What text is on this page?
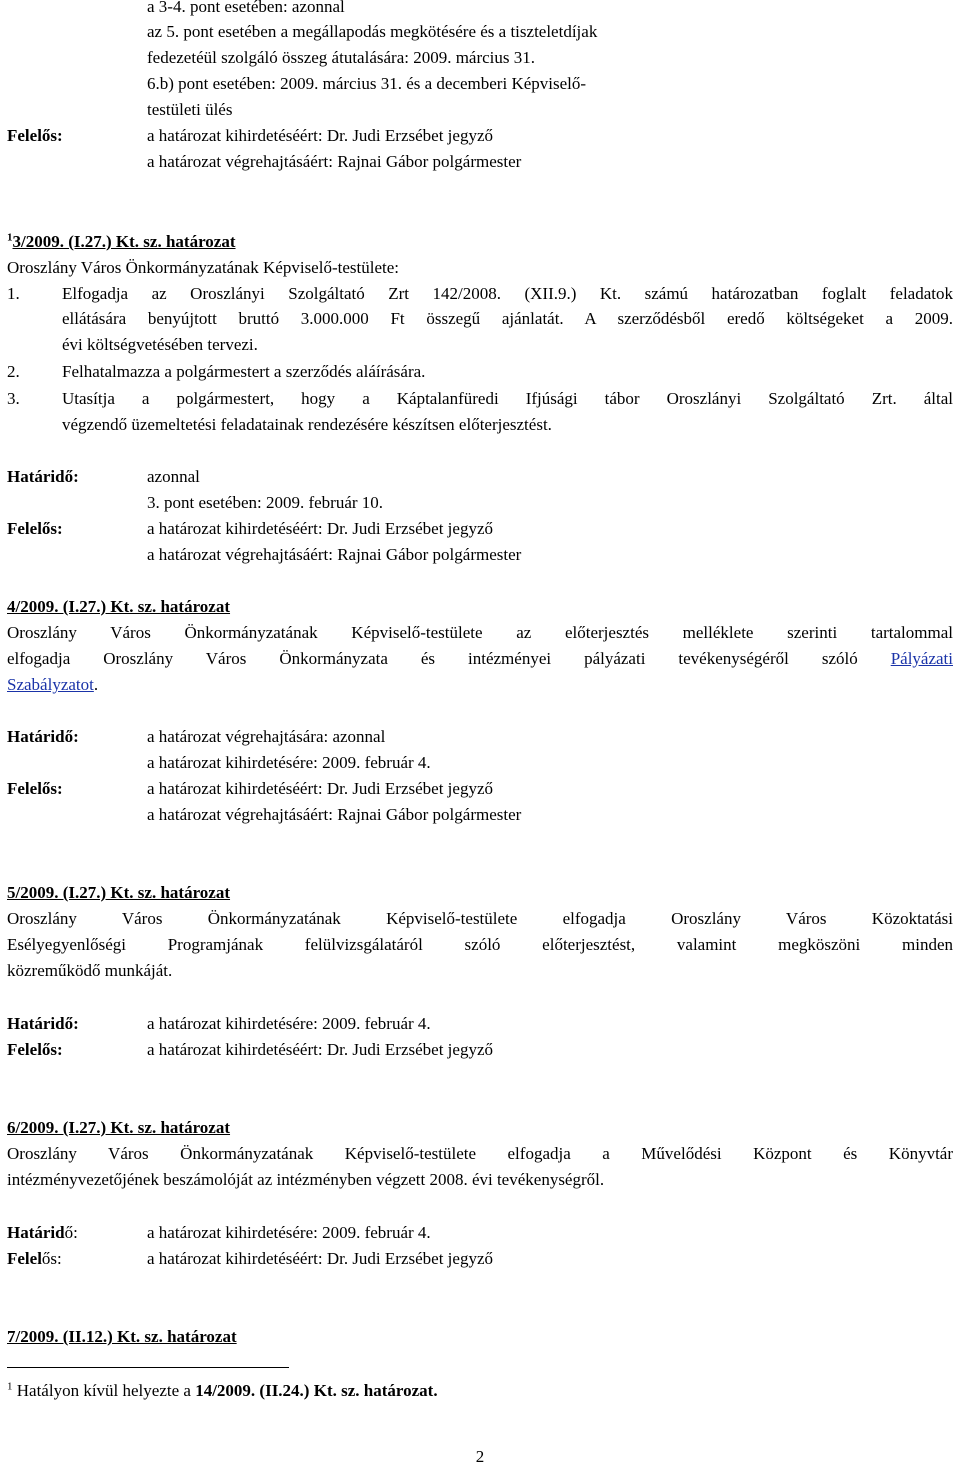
a 3-4. pont esetében: azonnal
az 5. pont esetében a megállapodás megkötésére és a tiszteletdíjak
fedezetéül szolgáló összeg átutalására: 2009. március 31.
6.b) pont esetében: 2009. március 31. és a decemberi Képviselő-
testületi ülés
Felelős:	a határozat kihirdetéséért: Dr. Judi Erzsébet jegyző
a határozat végrehajtásáért: Rajnai Gábor polgármester
$^1$3/2009. (I.27.) Kt. sz. határozat
Oroszlány Város Önkormányzatának Képviselő-testülete:
1. Elfogadja az Oroszlányi Szolgáltató Zrt 142/2008. (XII.9.) Kt. számú határozatban foglalt feladatok
ellátására benyújtott bruttó 3.000.000 Ft összegű ajánlatát. A szerződésből eredő költségeket a 2009.
évi költségvetésében tervezi.
2. Felhatalmazza a polgármestert a szerződés aláírására.
3. Utasítja a polgármestert, hogy a Káptalanfüredi Ifjúsági tábor Oroszlányi Szolgáltató Zrt. által
végzendő üzemeltetési feladatainak rendezésére készítsen előterjesztést.
Határidő:	azonnal
3. pont esetében: 2009. február 10.
Felelős:	a határozat kihirdetéséért: Dr. Judi Erzsébet jegyző
a határozat végrehajtásáért: Rajnai Gábor polgármester
4/2009. (I.27.) Kt. sz. határozat
Oroszlány Város Önkormányzatának Képviselő-testülete az előterjesztés melléklete szerinti tartalommal
elfogadja Oroszlány Város Önkormányzata és intézményei pályázati tevékenységéről szóló Pályázati
Szabályzatot.
Határidő:	a határozat végrehajtására: azonnal
a határozat kihirdetésére: 2009. február 4.
Felelős:	a határozat kihirdetéséért: Dr. Judi Erzsébet jegyző
a határozat végrehajtásáért: Rajnai Gábor polgármester
5/2009. (I.27.) Kt. sz. határozat
Oroszlány Város Önkormányzatának Képviselő-testülete elfogadja Oroszlány Város Közoktatási
Esélyegyenlőségi Programjának felülvizsgálatáról szóló előterjesztést, valamint megköszöni minden
közreműködő munkáját.
Határidő:	a határozat kihirdetésére: 2009. február 4.
Felelős:	a határozat kihirdetéséért: Dr. Judi Erzsébet jegyző
6/2009. (I.27.) Kt. sz. határozat
Oroszlány Város Önkormányzatának Képviselő-testülete elfogadja a Művelődési Központ és Könyvtár
intézményvezetőjének beszámolóját az intézményben végzett 2008. évi tevékenységről.
Határidő:	a határozat kihirdetésére: 2009. február 4.
Felelős:	a határozat kihirdetéséért: Dr. Judi Erzsébet jegyző
7/2009. (II.12.) Kt. sz. határozat
$^1$ Hatályon kívül helyezte a 14/2009. (II.24.) Kt. sz. határozat.
2
